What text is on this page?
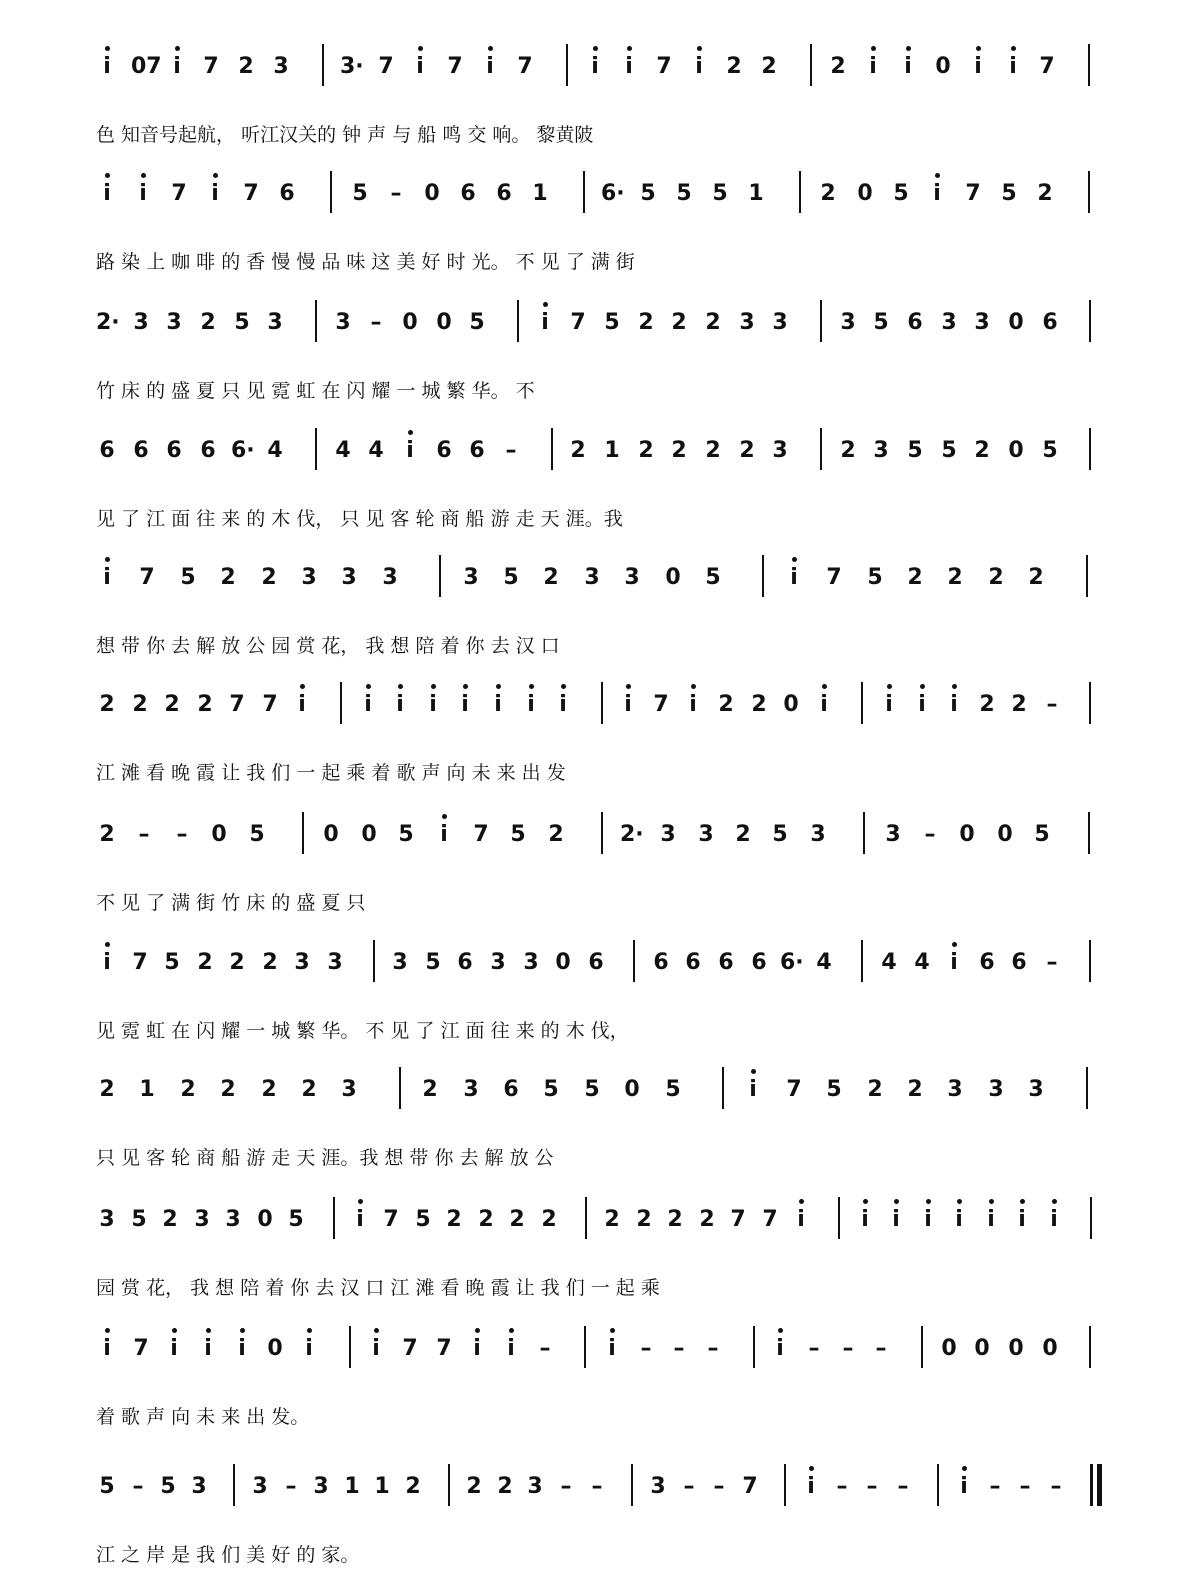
i 07 i	7 2 3 3· 7	i	7	i	7	i	i	7	i	2 2 2	i	i	0	i	i	7
色 知音号起航， 听江汉关的 钟 声 与 船 鸣 交 响。 黎黄陂
i	i	7	i	7 6	5 – 0 6 6 1 6· 5 5 5 1	2 0 5	i	7 5 2
路 染 上 咖 啡 的 香 慢 慢 品 味 这 美 好 时 光。 不 见 了 满 街
2· 3 3 2 5 3 3 – 0 0 5	i 7 5 2 2 2 3 3 3 5 6 3 3 0 6
竹 床 的 盛 夏 只 见 霓 虹 在 闪 耀 一 城 繁 华。 不
6 6 6 6 6· 4 4 4	i	6 6 – 2 1 2 2 2 2 3 2 3 5 5 2 0 5
见 了 江 面 往 来 的 木 伐， 只 见 客 轮 商 船 游 走 天 涯。我
i	7 5 2 2 3 3 3	3 5 2 3 3 0 5	i	7 5 2 2 2 2
想 带 你 去 解 放 公 园 赏 花， 我 想 陪 着 你 去 汉 口
2 2 2 2 7 7 i	i	i	i	i	i	i	i	i 7 i 2 2 0 i	i	i	i 2 2 –
江 滩 看 晚 霞 让 我 们 一 起 乘 着 歌 声 向 未 来 出 发
2 – – 0 5	0 0 5	i	7 5 2	2· 3 3 2 5 3	3 – 0 0 5
不 见 了 满 街 竹 床 的 盛 夏 只
i 7 5 2 2 2 3 3 3 5 6 3 3 0 6 6 6 6 6 6· 4 4 4 i 6 6 –
见 霓 虹 在 闪 耀 一 城 繁 华。 不 见 了 江 面 往 来 的 木 伐，
2 1 2 2 2 2 3	2 3 6 5 5 0 5	i	7 5 2 2 3 3 3
只 见 客 轮 商 船 游 走 天 涯。我 想 带 你 去 解 放 公
3 5 2 3 3 0 5	i 7 5 2 2 2 2 2 2 2 2 7 7 i	i	i	i	i	i	i	i
园 赏 花， 我 想 陪 着 你 去 汉 口 江 滩 看 晚 霞 让 我 们 一 起 乘
i	7 i	i	i 0	i	i	7 7 i	i	–	i	– – –	i	– – – 0 0 0 0
着 歌 声 向 未 来 出 发。
5 – 5 3 3 – 3 1 1 2 2 2 3 – – 3 – – 7	i – – –	i – – –
江 之 岸 是 我 们 美 好 的 家。
